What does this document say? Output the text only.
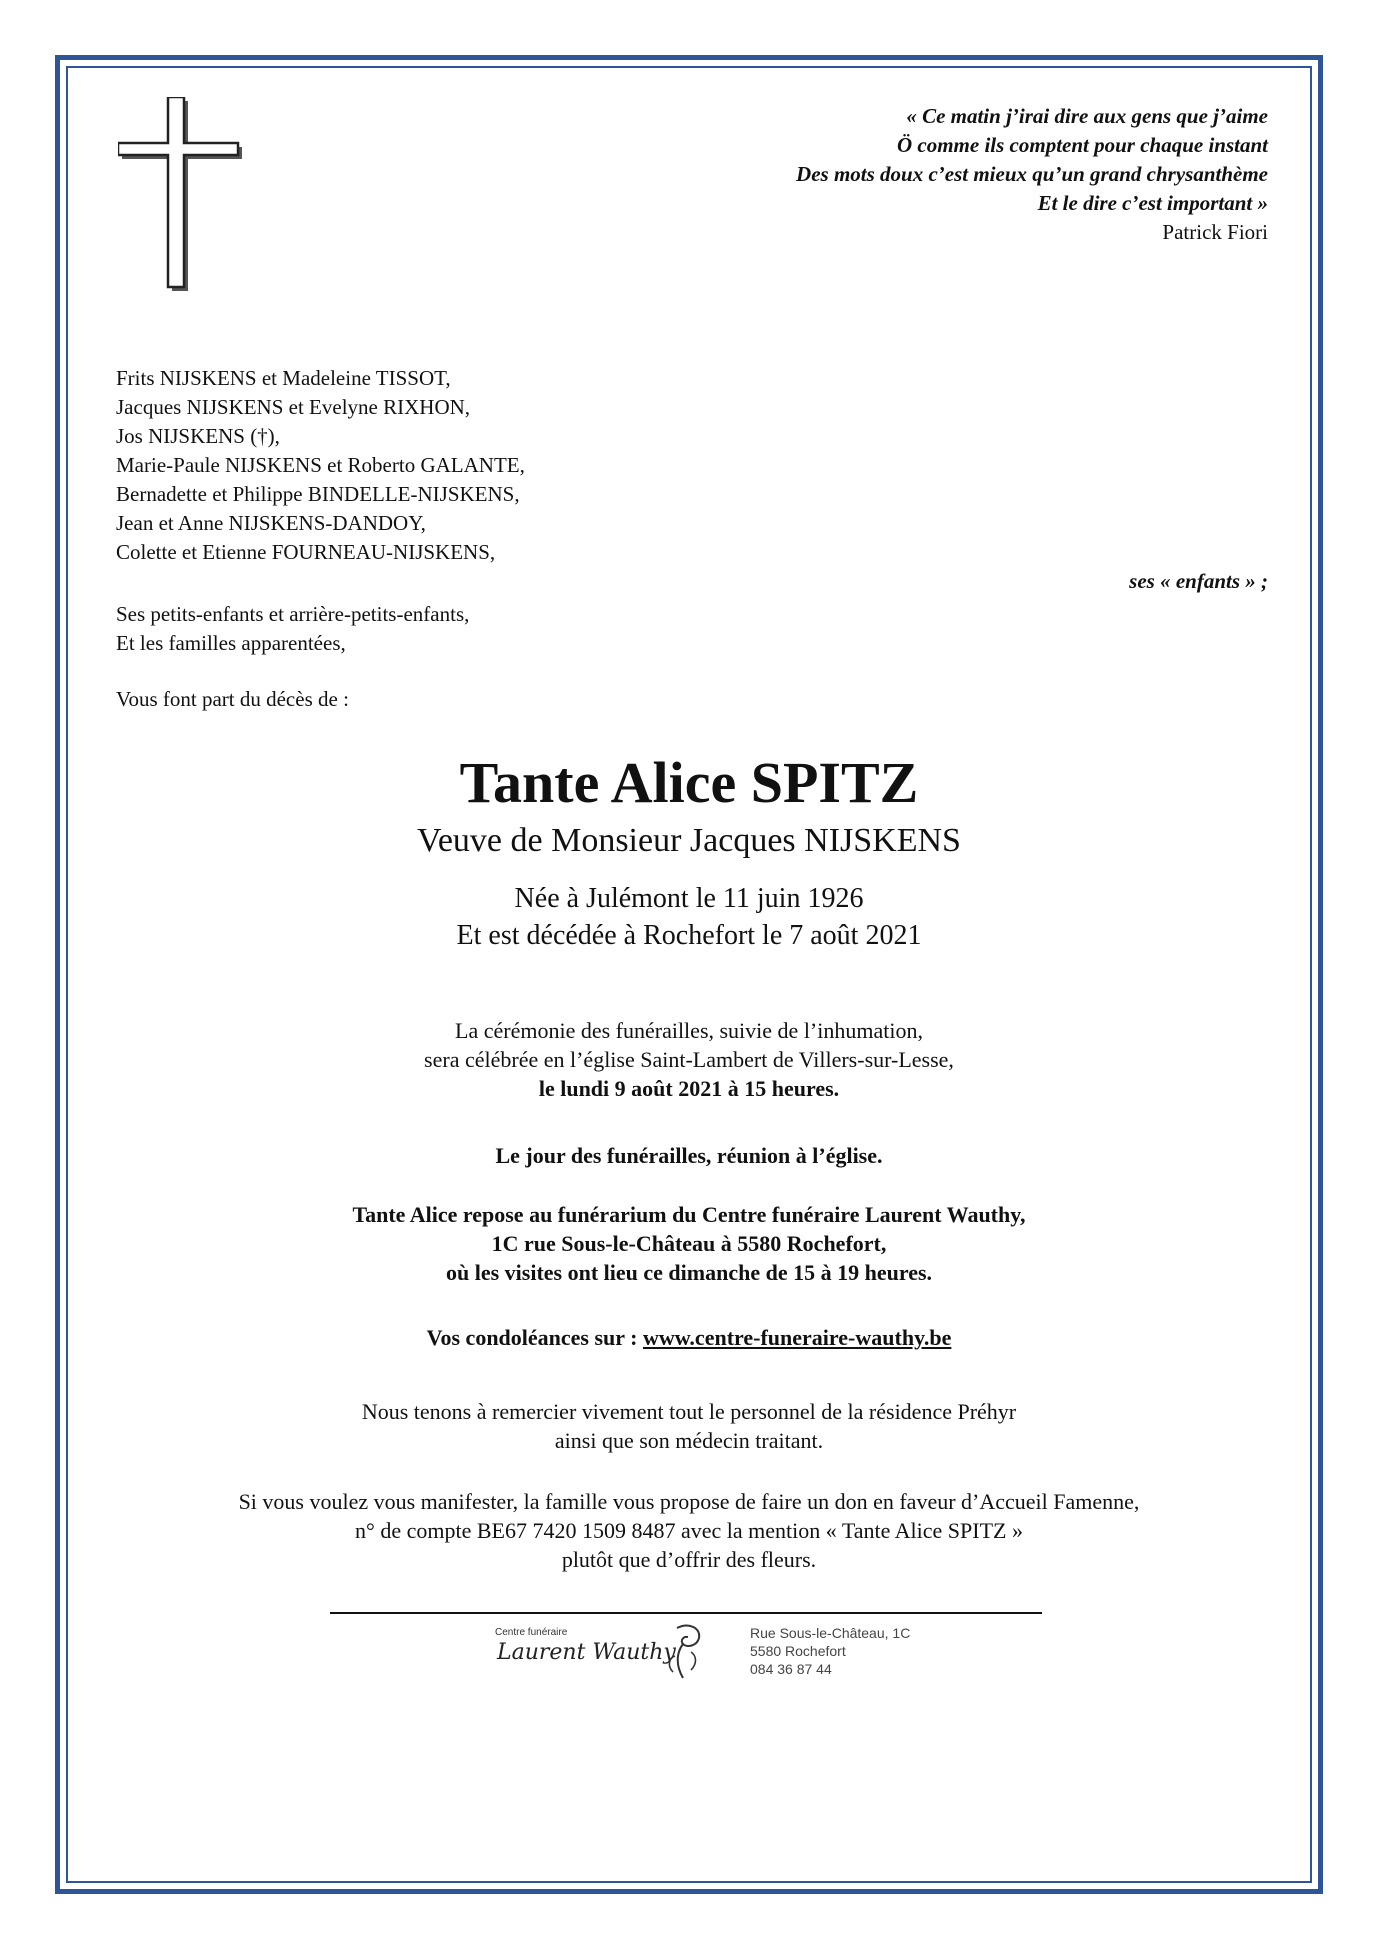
« Ce matin j’irai dire aux gens que j’aime
Ö comme ils comptent pour chaque instant
Des mots doux c’est mieux qu’un grand chrysanthème
Et le dire c’est important »
Patrick Fiori
Frits NIJSKENS et Madeleine TISSOT,
Jacques NIJSKENS et Evelyne RIXHON,
Jos NIJSKENS (†),
Marie-Paule NIJSKENS et Roberto GALANTE,
Bernadette et Philippe BINDELLE-NIJSKENS,
Jean et Anne NIJSKENS-DANDOY,
Colette et Etienne FOURNEAU-NIJSKENS,
ses « enfants » ;
Ses petits-enfants et arrière-petits-enfants,
Et les familles apparentées,
Vous font part du décès de :
Tante Alice SPITZ
Veuve de Monsieur Jacques NIJSKENS
Née à Julémont le 11 juin 1926
Et est décédée à Rochefort le 7 août 2021
La cérémonie des funérailles, suivie de l’inhumation,
sera célébrée en l’église Saint-Lambert de Villers-sur-Lesse,
le lundi 9 août 2021 à 15 heures.
Le jour des funérailles, réunion à l’église.
Tante Alice repose au funérarium du Centre funéraire Laurent Wauthy,
1C rue Sous-le-Château à 5580 Rochefort,
où les visites ont lieu ce dimanche de 15 à 19 heures.
Vos condoléances sur : www.centre-funeraire-wauthy.be
Nous tenons à remercier vivement tout le personnel de la résidence Préhyr
ainsi que son médecin traitant.
Si vous voulez vous manifester, la famille vous propose de faire un don en faveur d’Accueil Famenne,
n° de compte BE67 7420 1509 8487 avec la mention « Tante Alice SPITZ »
plutôt que d’offrir des fleurs.
Centre funéraire
Laurent Wauthy
Rue Sous-le-Château, 1C
5580 Rochefort
084 36 87 44
